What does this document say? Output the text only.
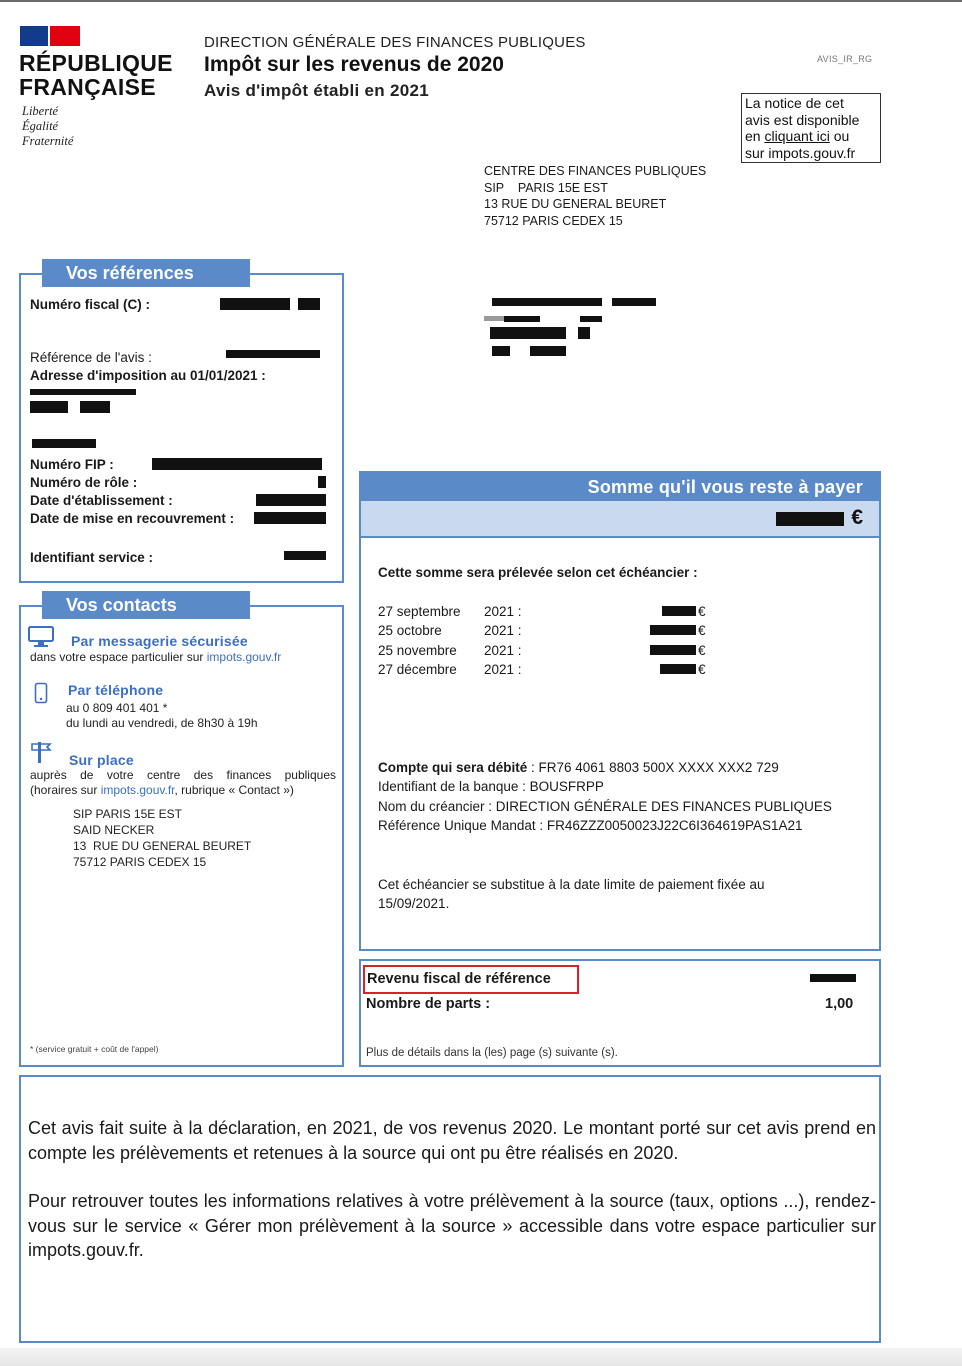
RÉPUBLIQUE
FRANÇAISE
Liberté
Égalité
Fraternité
DIRECTION GÉNÉRALE DES FINANCES PUBLIQUES
Impôt sur les revenus de 2020
Avis d'impôt établi en 2021
AVIS_IR_RG
La notice de cet
avis est disponible
en cliquant ici ou
sur impots.gouv.fr
CENTRE DES FINANCES PUBLIQUES
SIP    PARIS 15E EST
13 RUE DU GENERAL BEURET
75712 PARIS CEDEX 15
Vos références
Numéro fiscal (C) :
Référence de l'avis :
Adresse d'imposition au 01/01/2021 :
Numéro FIP :
Numéro de rôle :
Date d'établissement :
Date de mise en recouvrement :
Identifiant service :
Vos contacts
Par messagerie sécurisée
dans votre espace particulier sur impots.gouv.fr
Par téléphone
au 0 809 401 401 *
du lundi au vendredi, de 8h30 à 19h
Sur place
auprès de votre centre des finances publiques
(horaires sur impots.gouv.fr, rubrique « Contact »)
SIP PARIS 15E EST
SAID NECKER
13  RUE DU GENERAL BEURET
75712 PARIS CEDEX 15
* (service gratuit + coût de l'appel)
Somme qu'il vous reste à payer
€
Cette somme sera prélevée selon cet échéancier :
27 septembre 2021 :	€
25 octobre	2021 :	€
25 novembre 2021 :	€
27 décembre 2021 :	€
Compte qui sera débité : FR76 4061 8803 500X XXXX XXX2 729
Identifiant de la banque : BOUSFRPP
Nom du créancier : DIRECTION GÉNÉRALE DES FINANCES PUBLIQUES
Référence Unique Mandat : FR46ZZZ0050023J22C6I364619PAS1A21
Cet échéancier se substitue à la date limite de paiement fixée au
15/09/2021.
Revenu fiscal de référence
Nombre de parts :	1,00
Plus de détails dans la (les) page (s) suivante (s).
Cet avis fait suite à la déclaration, en 2021, de vos revenus 2020. Le montant porté sur cet avis prend en compte les prélèvements et retenues à la source qui ont pu être réalisés en 2020.
Pour retrouver toutes les informations relatives à votre prélèvement à la source (taux, options ...), rendez-vous sur le service « Gérer mon prélèvement à la source » accessible dans votre espace particulier sur impots.gouv.fr.
